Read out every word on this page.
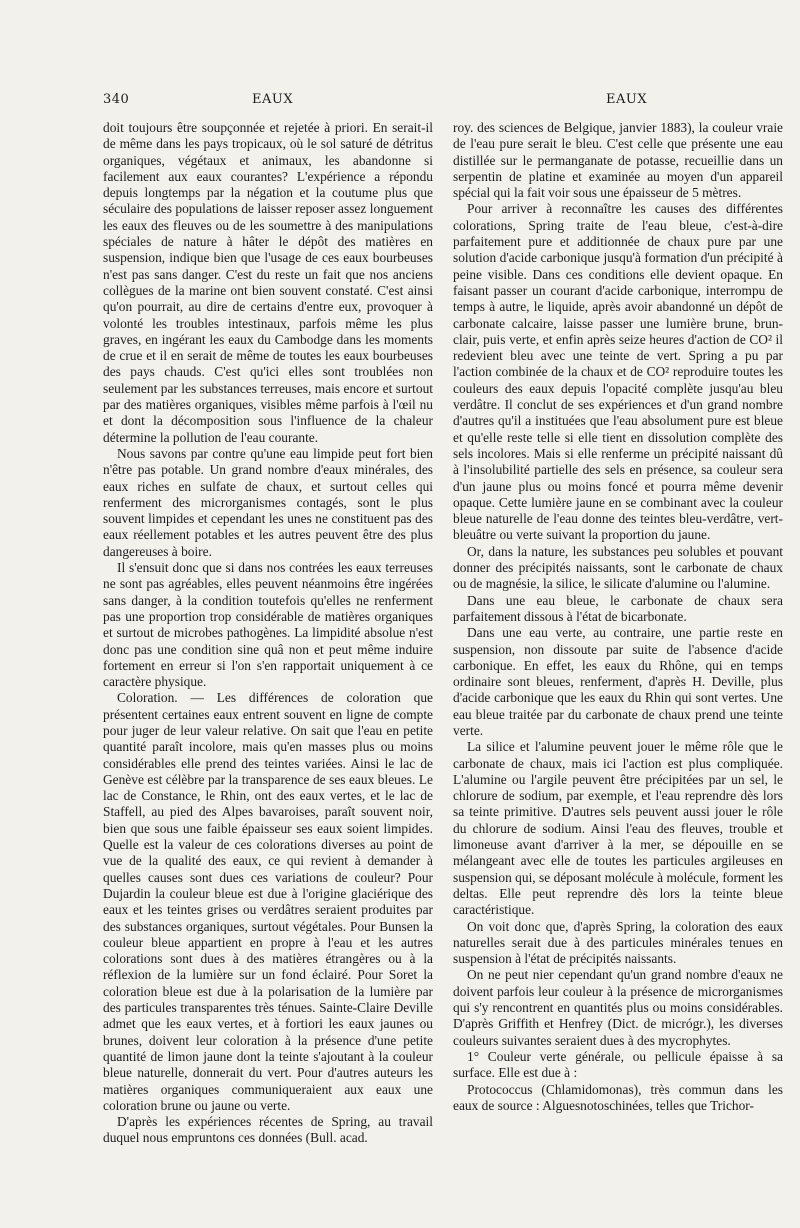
340	EAUX	EAUX

doit toujours être soupçonnée et rejetée à priori. En serait-il de même dans les pays tropicaux, où le sol saturé de détritus organiques, végétaux et animaux, les abandonne si facilement aux eaux courantes? L'expérience a répondu depuis longtemps par la négation et la coutume plus que séculaire des populations de laisser reposer assez longuement les eaux des fleuves ou de les soumettre à des manipulations spéciales de nature à hâter le dépôt des matières en suspension, indique bien que l'usage de ces eaux bourbeuses n'est pas sans danger. C'est du reste un fait que nos anciens collègues de la marine ont bien souvent constaté. C'est ainsi qu'on pourrait, au dire de certains d'entre eux, provoquer à volonté les troubles intestinaux, parfois même les plus graves, en ingérant les eaux du Cambodge dans les moments de crue et il en serait de même de toutes les eaux bourbeuses des pays chauds. C'est qu'ici elles sont troublées non seulement par les substances terreuses, mais encore et surtout par des matières organiques, visibles même parfois à l'œil nu et dont la décomposition sous l'influence de la chaleur détermine la pollution de l'eau courante.

Nous savons par contre qu'une eau limpide peut fort bien n'être pas potable. Un grand nombre d'eaux minérales, des eaux riches en sulfate de chaux, et surtout celles qui renferment des microrganismes contagés, sont le plus souvent limpides et cependant les unes ne constituent pas des eaux réellement potables et les autres peuvent être des plus dangereuses à boire.

Il s'ensuit donc que si dans nos contrées les eaux terreuses ne sont pas agréables, elles peuvent néanmoins être ingérées sans danger, à la condition toutefois qu'elles ne renferment pas une proportion trop considérable de matières organiques et surtout de microbes pathogènes. La limpidité absolue n'est donc pas une condition sine quâ non et peut même induire fortement en erreur si l'on s'en rapportait uniquement à ce caractère physique.

Coloration. — Les différences de coloration que présentent certaines eaux entrent souvent en ligne de compte pour juger de leur valeur relative. On sait que l'eau en petite quantité paraît incolore, mais qu'en masses plus ou moins considérables elle prend des teintes variées. Ainsi le lac de Genève est célèbre par la transparence de ses eaux bleues. Le lac de Constance, le Rhin, ont des eaux vertes, et le lac de Staffell, au pied des Alpes bavaroises, paraît souvent noir, bien que sous une faible épaisseur ses eaux soient limpides. Quelle est la valeur de ces colorations diverses au point de vue de la qualité des eaux, ce qui revient à demander à quelles causes sont dues ces variations de couleur? Pour Dujardin la couleur bleue est due à l'origine glaciérique des eaux et les teintes grises ou verdâtres seraient produites par des substances organiques, surtout végétales. Pour Bunsen la couleur bleue appartient en propre à l'eau et les autres colorations sont dues à des matières étrangères ou à la réflexion de la lumière sur un fond éclairé. Pour Soret la coloration bleue est due à la polarisation de la lumière par des particules transparentes très ténues. Sainte-Claire Deville admet que les eaux vertes, et à fortiori les eaux jaunes ou brunes, doivent leur coloration à la présence d'une petite quantité de limon jaune dont la teinte s'ajoutant à la couleur bleue naturelle, donnerait du vert. Pour d'autres auteurs les matières organiques communiqueraient aux eaux une coloration brune ou jaune ou verte.

D'après les expériences récentes de Spring, au travail duquel nous empruntons ces données (Bull. acad.

roy. des sciences de Belgique, janvier 1883), la couleur vraie de l'eau pure serait le bleu. C'est celle que présente une eau distillée sur le permanganate de potasse, recueillie dans un serpentin de platine et examinée au moyen d'un appareil spécial qui la fait voir sous une épaisseur de 5 mètres.

Pour arriver à reconnaître les causes des différentes colorations, Spring traite de l'eau bleue, c'est-à-dire parfaitement pure et additionnée de chaux pure par une solution d'acide carbonique jusqu'à formation d'un précipité à peine visible. Dans ces conditions elle devient opaque. En faisant passer un courant d'acide carbonique, interrompu de temps à autre, le liquide, après avoir abandonné un dépôt de carbonate calcaire, laisse passer une lumière brune, brun-clair, puis verte, et enfin après seize heures d'action de CO² il redevient bleu avec une teinte de vert. Spring a pu par l'action combinée de la chaux et de CO² reproduire toutes les couleurs des eaux depuis l'opacité complète jusqu'au bleu verdâtre. Il conclut de ses expériences et d'un grand nombre d'autres qu'il a instituées que l'eau absolument pure est bleue et qu'elle reste telle si elle tient en dissolution complète des sels incolores. Mais si elle renferme un précipité naissant dû à l'insolubilité partielle des sels en présence, sa couleur sera d'un jaune plus ou moins foncé et pourra même devenir opaque. Cette lumière jaune en se combinant avec la couleur bleue naturelle de l'eau donne des teintes bleu-verdâtre, vert-bleuâtre ou verte suivant la proportion du jaune.

Or, dans la nature, les substances peu solubles et pouvant donner des précipités naissants, sont le carbonate de chaux ou de magnésie, la silice, le silicate d'alumine ou l'alumine.

Dans une eau bleue, le carbonate de chaux sera parfaitement dissous à l'état de bicarbonate.

Dans une eau verte, au contraire, une partie reste en suspension, non dissoute par suite de l'absence d'acide carbonique. En effet, les eaux du Rhône, qui en temps ordinaire sont bleues, renferment, d'après H. Deville, plus d'acide carbonique que les eaux du Rhin qui sont vertes. Une eau bleue traitée par du carbonate de chaux prend une teinte verte.

La silice et l'alumine peuvent jouer le même rôle que le carbonate de chaux, mais ici l'action est plus compliquée. L'alumine ou l'argile peuvent être précipitées par un sel, le chlorure de sodium, par exemple, et l'eau reprendre dès lors sa teinte primitive. D'autres sels peuvent aussi jouer le rôle du chlorure de sodium. Ainsi l'eau des fleuves, trouble et limoneuse avant d'arriver à la mer, se dépouille en se mélangeant avec elle de toutes les particules argileuses en suspension qui, se déposant molécule à molécule, forment les deltas. Elle peut reprendre dès lors la teinte bleue caractéristique.

On voit donc que, d'après Spring, la coloration des eaux naturelles serait due à des particules minérales tenues en suspension à l'état de précipités naissants.

On ne peut nier cependant qu'un grand nombre d'eaux ne doivent parfois leur couleur à la présence de microrganismes qui s'y rencontrent en quantités plus ou moins considérables. D'après Griffith et Henfrey (Dict. de micrógr.), les diverses couleurs suivantes seraient dues à des mycrophytes.

1° Couleur verte générale, ou pellicule épaisse à sa surface. Elle est due à :

Protococcus (Chlamidomonas), très commun dans les eaux de source : Alguesnotoschinées, telles que Trichor-
